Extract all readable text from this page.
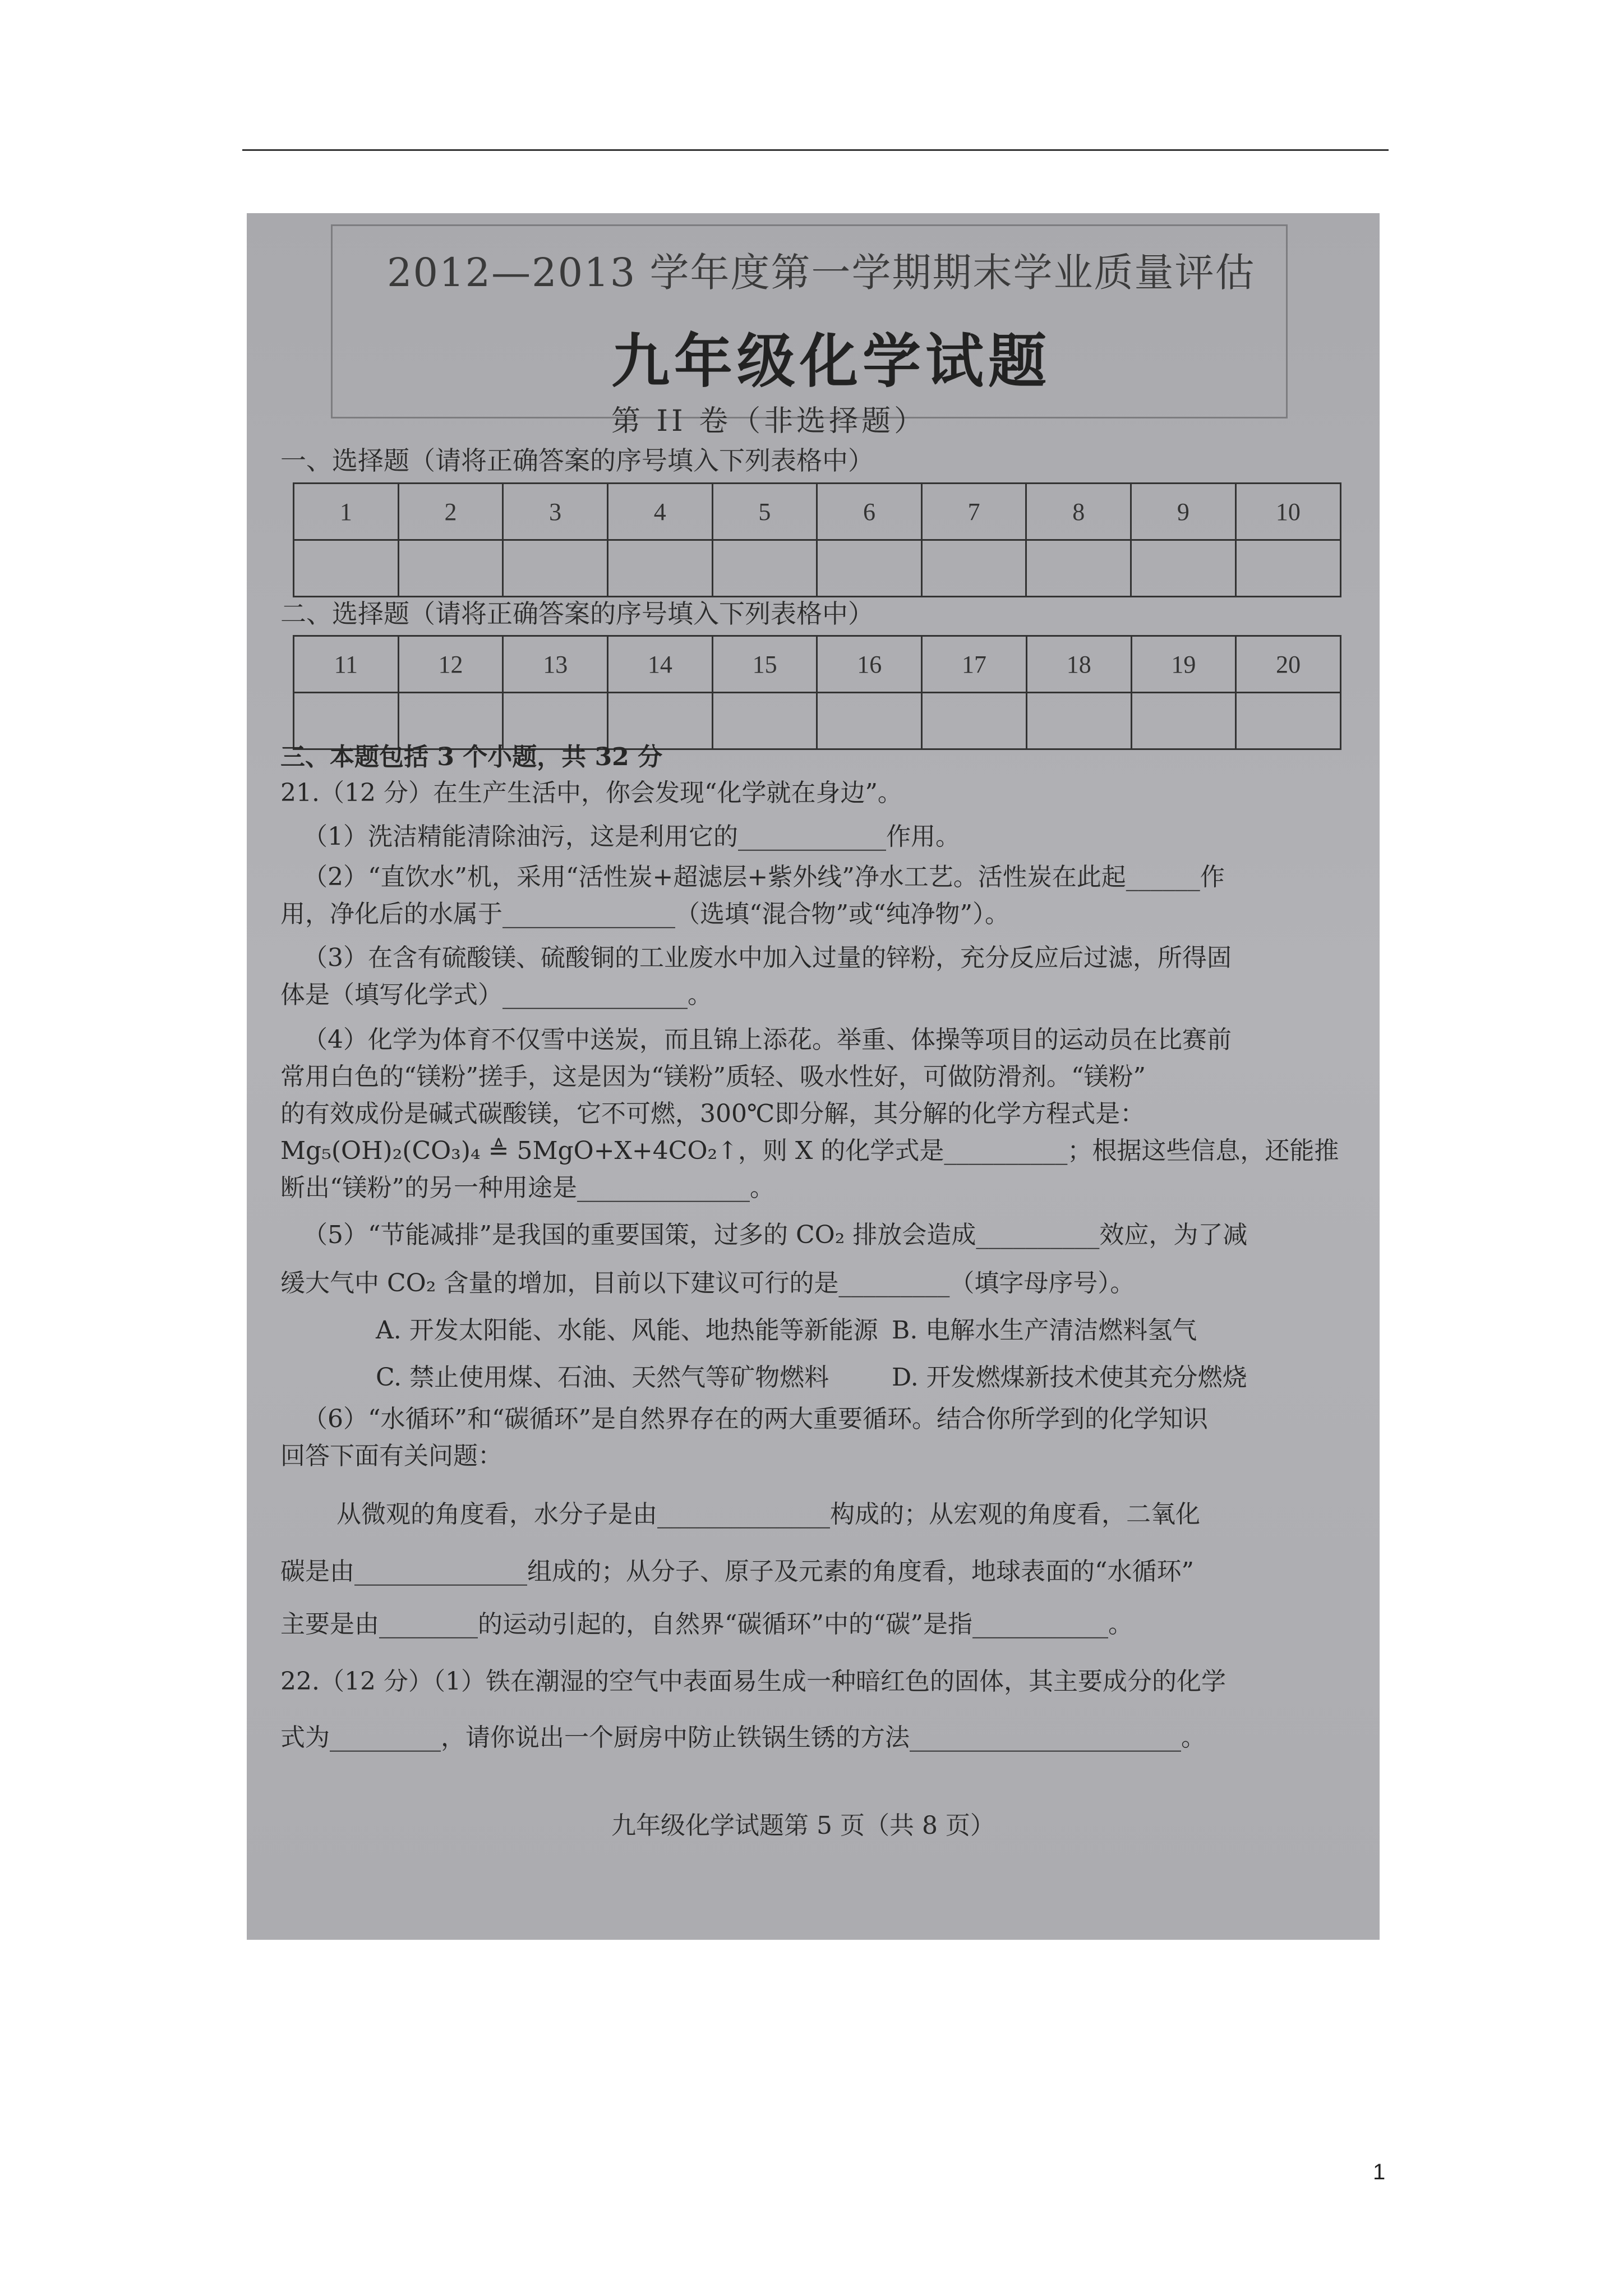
2012—2013 学年度第一学期期末学业质量评估
九年级化学试题
第 II 卷（非选择题）
一、选择题（请将正确答案的序号填入下列表格中）
1	2	3	4	5	6	7	8	9	10

二、选择题（请将正确答案的序号填入下列表格中）
11	12	13	14	15	16	17	18	19	20

三、本题包括 3 个小题，共 32 分
21.（12 分）在生产生活中，你会发现“化学就在身边”。
（1）洗洁精能清除油污，这是利用它的____________作用。
（2）“直饮水”机，采用“活性炭+超滤层+紫外线”净水工艺。活性炭在此起______作
用，净化后的水属于______________（选填“混合物”或“纯净物”）。
（3）在含有硫酸镁、硫酸铜的工业废水中加入过量的锌粉，充分反应后过滤，所得固
体是（填写化学式）_______________。
（4）化学为体育不仅雪中送炭，而且锦上添花。举重、体操等项目的运动员在比赛前
常用白色的“镁粉”搓手，这是因为“镁粉”质轻、吸水性好，可做防滑剂。“镁粉”
的有效成份是碱式碳酸镁，它不可燃，300℃即分解，其分解的化学方程式是：
Mg₅(OH)₂(CO₃)₄ ≜ 5MgO+X+4CO₂↑，则 X 的化学式是__________；根据这些信息，还能推
断出“镁粉”的另一种用途是______________。
（5）“节能减排”是我国的重要国策，过多的 CO₂ 排放会造成__________效应，为了减
缓大气中 CO₂ 含量的增加，目前以下建议可行的是_________（填字母序号）。
A. 开发太阳能、水能、风能、地热能等新能源 B. 电解水生产清洁燃料氢气
C. 禁止使用煤、石油、天然气等矿物燃料	D. 开发燃煤新技术使其充分燃烧
（6）“水循环”和“碳循环”是自然界存在的两大重要循环。结合你所学到的化学知识
回答下面有关问题：
从微观的角度看，水分子是由______________构成的；从宏观的角度看，二氧化
碳是由______________组成的；从分子、原子及元素的角度看，地球表面的“水循环”
主要是由________的运动引起的，自然界“碳循环”中的“碳”是指___________。
22.（12 分）（1）铁在潮湿的空气中表面易生成一种暗红色的固体，其主要成分的化学
式为_________，请你说出一个厨房中防止铁锅生锈的方法______________________。
九年级化学试题第 5 页（共 8 页）
1
